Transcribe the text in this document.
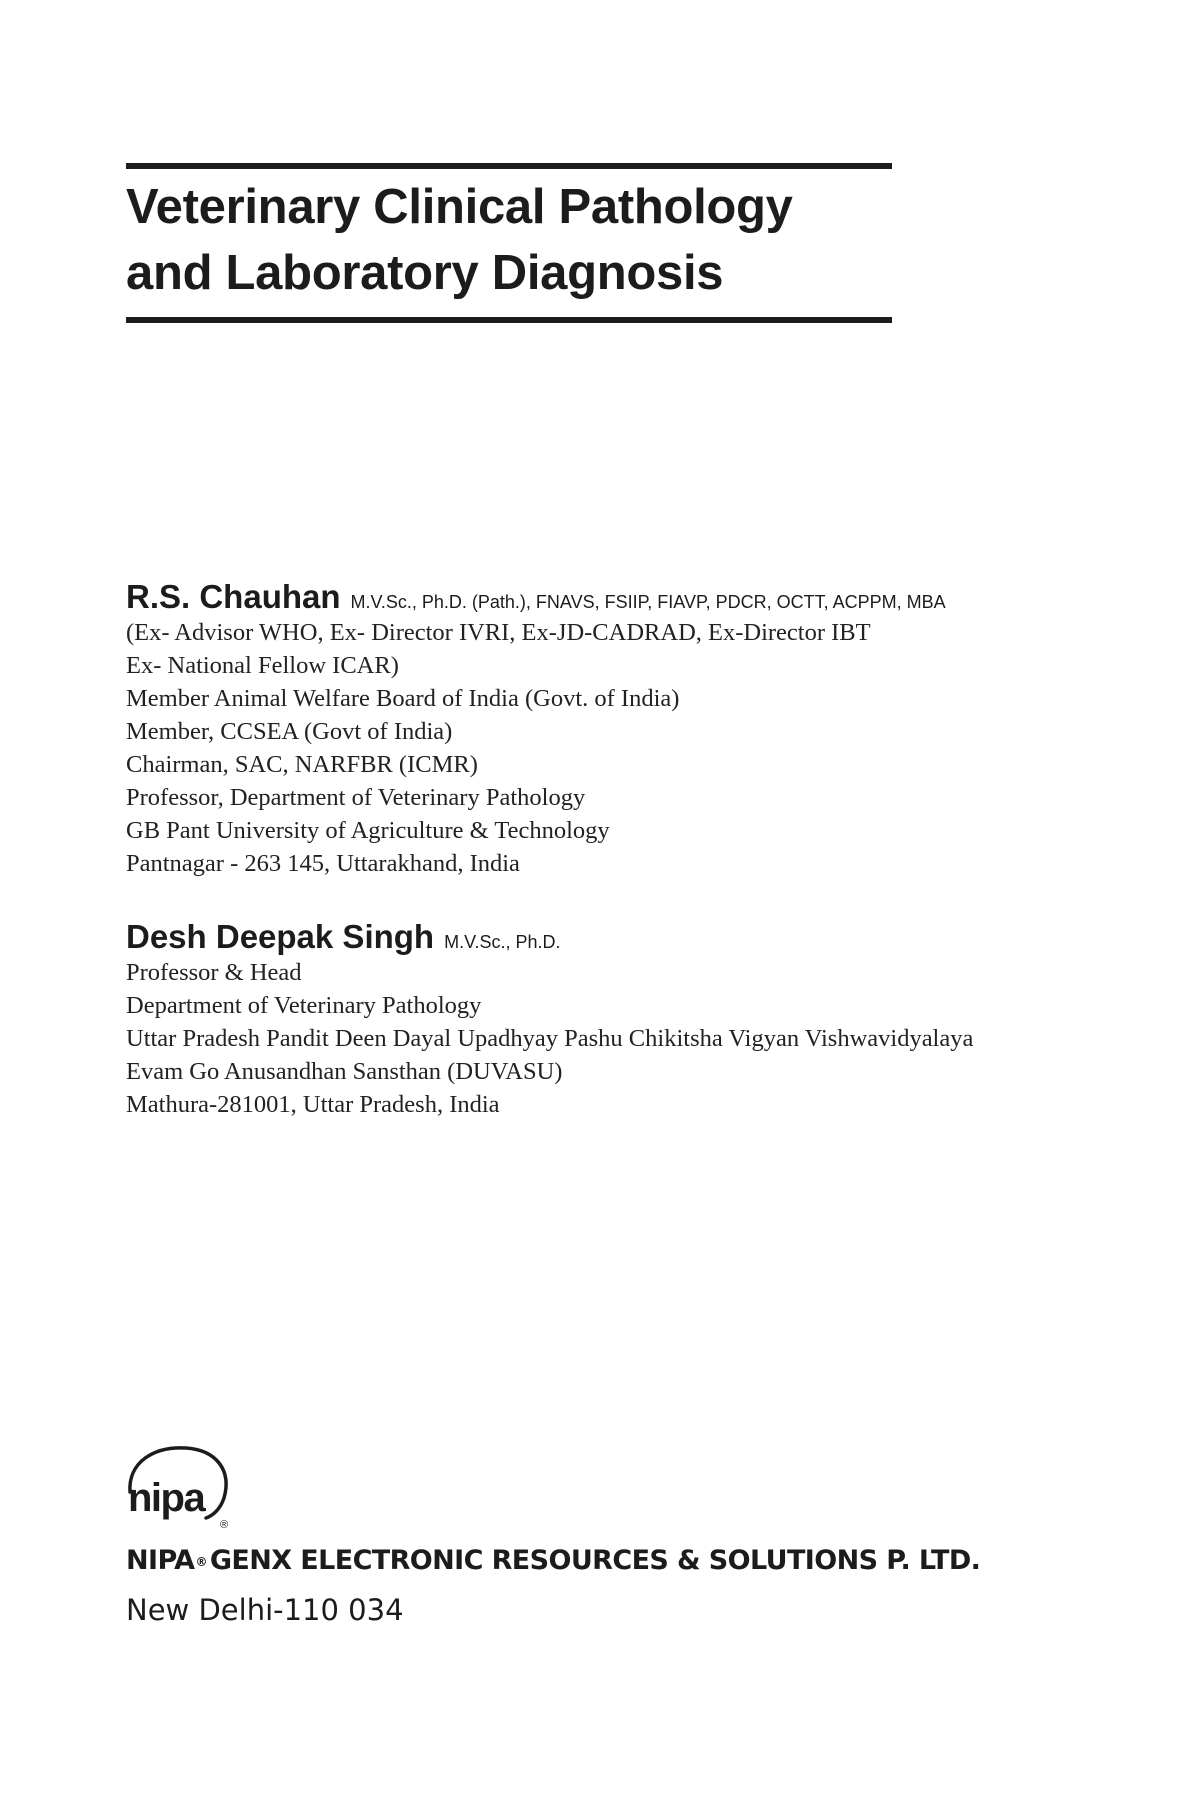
Veterinary Clinical Pathology
and Laboratory Diagnosis
R.S. Chauhan M.V.Sc., Ph.D. (Path.), FNAVS, FSIIP, FIAVP, PDCR, OCTT, ACPPM, MBA
(Ex- Advisor WHO, Ex- Director IVRI, Ex-JD-CADRAD, Ex-Director IBT
Ex- National Fellow ICAR)
Member Animal Welfare Board of India (Govt. of India)
Member, CCSEA (Govt of India)
Chairman, SAC, NARFBR (ICMR)
Professor, Department of Veterinary Pathology
GB Pant University of Agriculture & Technology
Pantnagar - 263 145, Uttarakhand, India
Desh Deepak Singh M.V.Sc., Ph.D.
Professor & Head
Department of Veterinary Pathology
Uttar Pradesh Pandit Deen Dayal Upadhyay Pashu Chikitsha Vigyan Vishwavidyalaya
Evam Go Anusandhan Sansthan (DUVASU)
Mathura-281001, Uttar Pradesh, India
nipa
®
NIPA® GENX ELECTRONIC RESOURCES & SOLUTIONS P. LTD.
New Delhi-110 034
